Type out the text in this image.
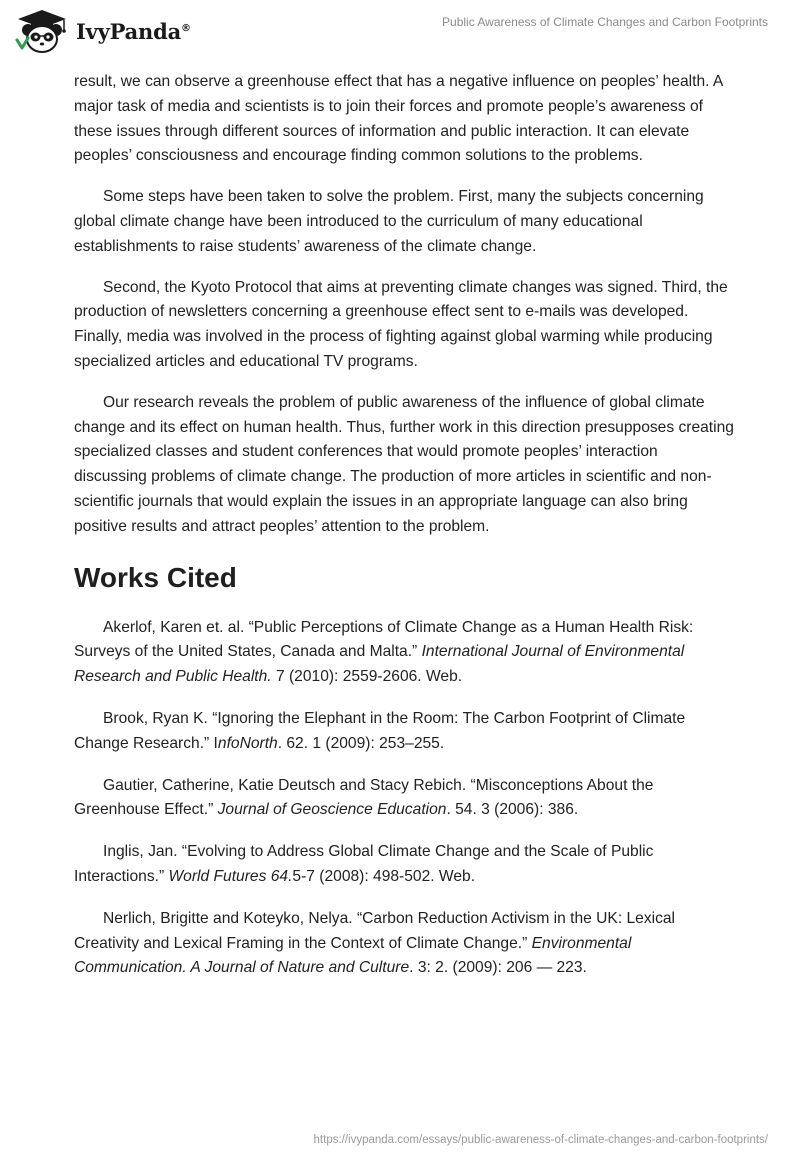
IvyPanda®	Public Awareness of Climate Changes and Carbon Footprints

result, we can observe a greenhouse effect that has a negative influence on peoples’ health. A major task of media and scientists is to join their forces and promote people’s awareness of these issues through different sources of information and public interaction. It can elevate peoples’ consciousness and encourage finding common solutions to the problems.

Some steps have been taken to solve the problem. First, many the subjects concerning global climate change have been introduced to the curriculum of many educational establishments to raise students’ awareness of the climate change.

Second, the Kyoto Protocol that aims at preventing climate changes was signed. Third, the production of newsletters concerning a greenhouse effect sent to e-mails was developed. Finally, media was involved in the process of fighting against global warming while producing specialized articles and educational TV programs.

Our research reveals the problem of public awareness of the influence of global climate change and its effect on human health. Thus, further work in this direction presupposes creating specialized classes and student conferences that would promote peoples’ interaction discussing problems of climate change. The production of more articles in scientific and non-scientific journals that would explain the issues in an appropriate language can also bring positive results and attract peoples’ attention to the problem.

Works Cited

Akerlof, Karen et. al. “Public Perceptions of Climate Change as a Human Health Risk: Surveys of the United States, Canada and Malta.” International Journal of Environmental Research and Public Health. 7 (2010): 2559-2606. Web.

Brook, Ryan K. “Ignoring the Elephant in the Room: The Carbon Footprint of Climate Change Research.” InfoNorth. 62. 1 (2009): 253–255.

Gautier, Catherine, Katie Deutsch and Stacy Rebich. “Misconceptions About the Greenhouse Effect.” Journal of Geoscience Education. 54. 3 (2006): 386.

Inglis, Jan. “Evolving to Address Global Climate Change and the Scale of Public Interactions.” World Futures 64.5-7 (2008): 498-502. Web.

Nerlich, Brigitte and Koteyko, Nelya. “Carbon Reduction Activism in the UK: Lexical Creativity and Lexical Framing in the Context of Climate Change.” Environmental Communication. A Journal of Nature and Culture. 3: 2. (2009): 206 — 223.

https://ivypanda.com/essays/public-awareness-of-climate-changes-and-carbon-footprints/
